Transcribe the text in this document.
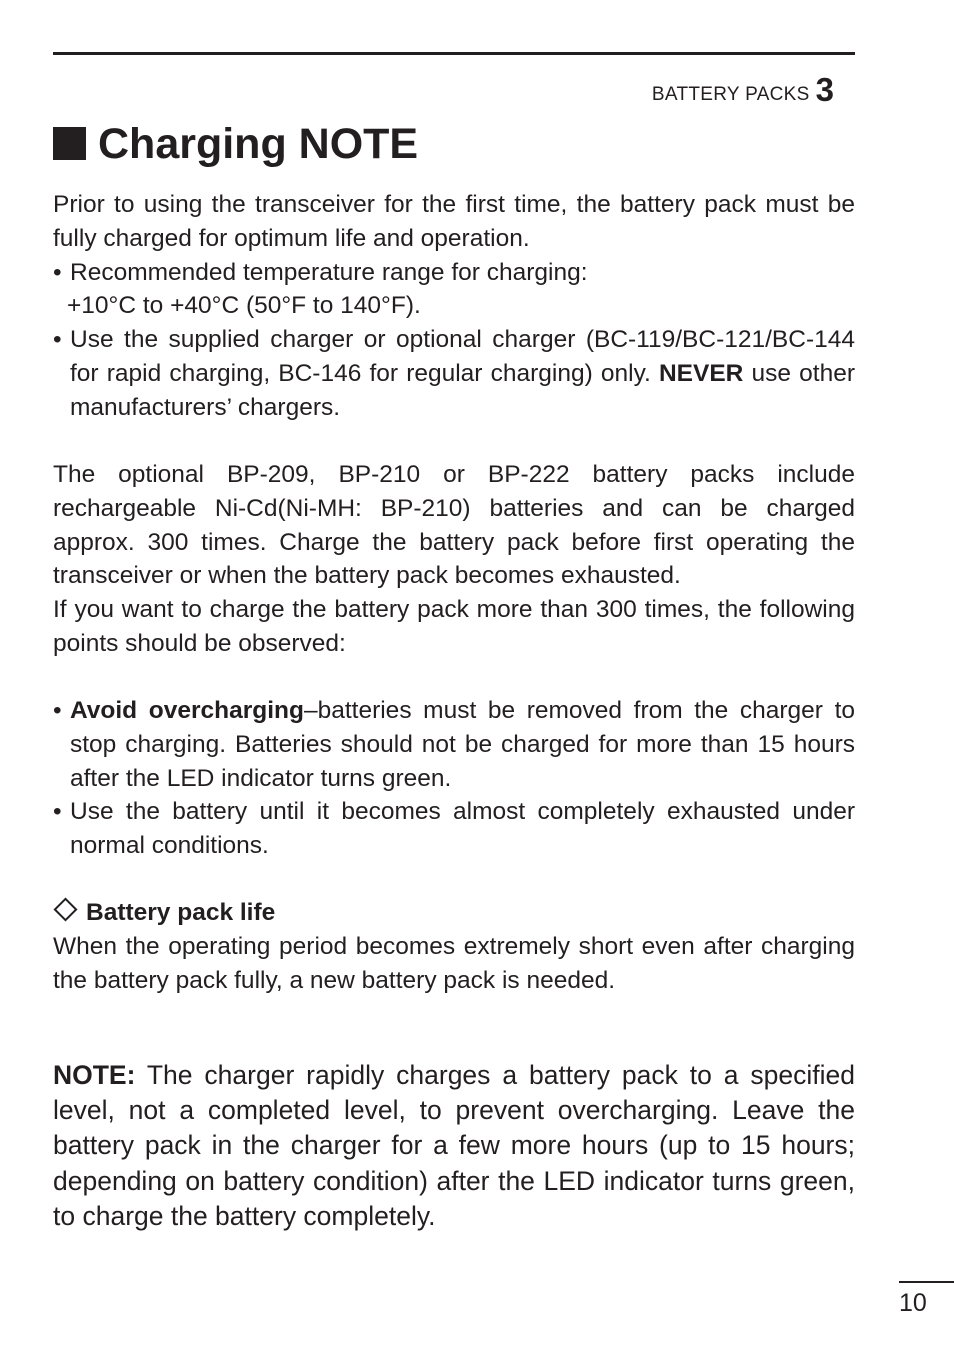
BATTERY PACKS 3
Charging NOTE

Prior to using the transceiver for the first time, the battery pack must be fully charged for optimum life and operation.

• Recommended temperature range for charging:
+10°C to +40°C (50°F to 140°F).
• Use the supplied charger or optional charger (BC-119/BC-121/BC-144 for rapid charging, BC-146 for regular charging) only. NEVER use other manufacturers’ chargers.

The optional BP-209, BP-210 or BP-222 battery packs include rechargeable Ni-Cd(Ni-MH: BP-210) batteries and can be charged approx. 300 times. Charge the battery pack before first operating the transceiver or when the battery pack becomes exhausted.

If you want to charge the battery pack more than 300 times, the following points should be observed:

• Avoid overcharging–batteries must be removed from the charger to stop charging. Batteries should not be charged for more than 15 hours after the LED indicator turns green.
• Use the battery until it becomes almost completely exhausted under normal conditions.
Battery pack life

When the operating period becomes extremely short even after charging the battery pack fully, a new battery pack is needed.

NOTE: The charger rapidly charges a battery pack to a specified level, not a completed level, to prevent overcharging. Leave the battery pack in the charger for a few more hours (up to 15 hours; depending on battery condition) after the LED indicator turns green, to charge the battery completely.

10
